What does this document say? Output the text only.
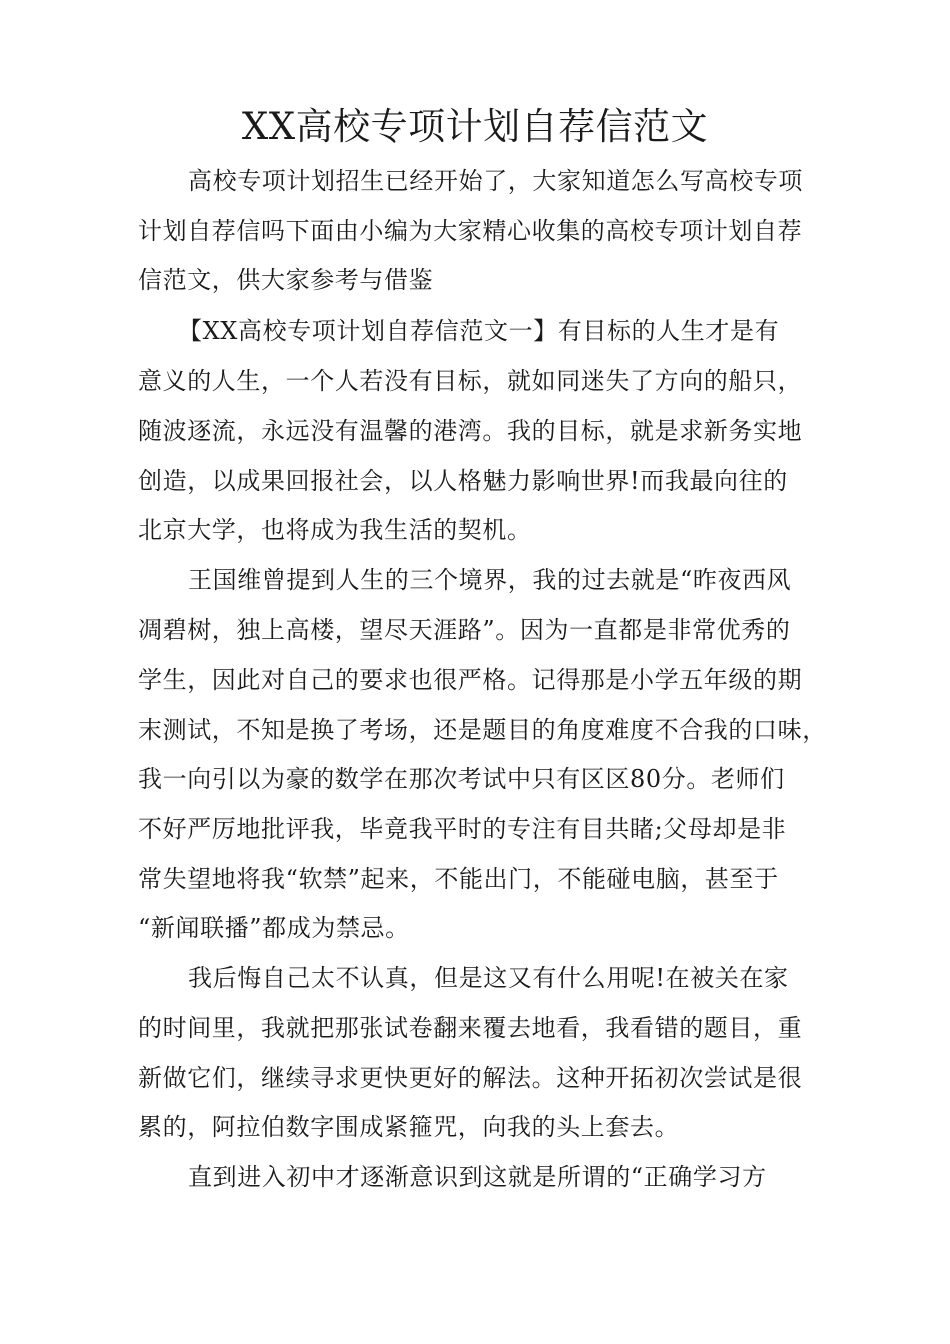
XX高校专项计划自荐信范文
高校专项计划招生已经开始了，大家知道怎么写高校专项
计划自荐信吗下面由小编为大家精心收集的高校专项计划自荐
信范文，供大家参考与借鉴
【XX高校专项计划自荐信范文一】有目标的人生才是有
意义的人生，一个人若没有目标，就如同迷失了方向的船只，
随波逐流，永远没有温馨的港湾。我的目标，就是求新务实地
创造，以成果回报社会，以人格魅力影响世界!而我最向往的
北京大学，也将成为我生活的契机。
王国维曾提到人生的三个境界，我的过去就是“昨夜西风
凋碧树，独上高楼，望尽天涯路”。因为一直都是非常优秀的
学生，因此对自己的要求也很严格。记得那是小学五年级的期
末测试，不知是换了考场，还是题目的角度难度不合我的口味，
我一向引以为豪的数学在那次考试中只有区区80分。老师们
不好严厉地批评我，毕竟我平时的专注有目共睹;父母却是非
常失望地将我“软禁”起来，不能出门，不能碰电脑，甚至于
“新闻联播”都成为禁忌。
我后悔自己太不认真，但是这又有什么用呢!在被关在家
的时间里，我就把那张试卷翻来覆去地看，我看错的题目，重
新做它们，继续寻求更快更好的解法。这种开拓初次尝试是很
累的，阿拉伯数字围成紧箍咒，向我的头上套去。
直到进入初中才逐渐意识到这就是所谓的“正确学习方
